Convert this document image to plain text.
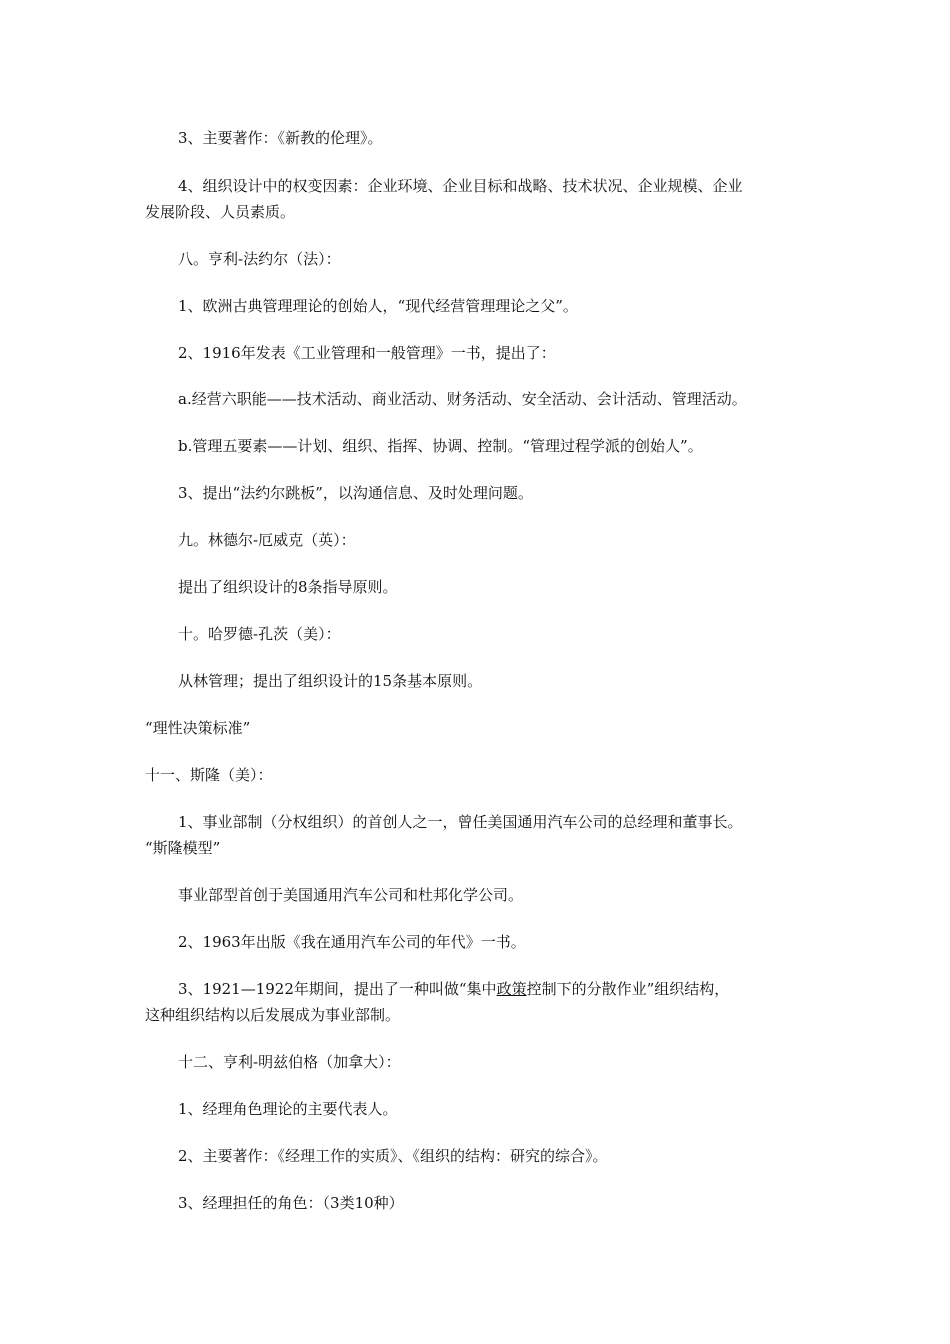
3、主要著作：《新教的伦理》。

4、组织设计中的权变因素：企业环境、企业目标和战略、技术状况、企业规模、企业

发展阶段、人员素质。

八。亨利-法约尔（法）：

1、欧洲古典管理理论的创始人，“现代经营管理理论之父”。

2、1916年发表《工业管理和一般管理》一书，提出了：

a.经营六职能——技术活动、商业活动、财务活动、安全活动、会计活动、管理活动。

b.管理五要素——计划、组织、指挥、协调、控制。“管理过程学派的创始人”。

3、提出“法约尔跳板”，以沟通信息、及时处理问题。

九。林德尔-厄威克（英）：

提出了组织设计的8条指导原则。

十。哈罗德-孔茨（美）：

从林管理；提出了组织设计的15条基本原则。

“理性决策标准”

十一、斯隆（美）：

1、事业部制（分权组织）的首创人之一，曾任美国通用汽车公司的总经理和董事长。

“斯隆模型”

事业部型首创于美国通用汽车公司和杜邦化学公司。

2、1963年出版《我在通用汽车公司的年代》一书。

3、1921—1922年期间，提出了一种叫做“集中政策控制下的分散作业”组织结构，

这种组织结构以后发展成为事业部制。

十二、亨利-明兹伯格（加拿大）：

1、经理角色理论的主要代表人。

2、主要著作：《经理工作的实质》、《组织的结构：研究的综合》。

3、经理担任的角色：（3类10种）
